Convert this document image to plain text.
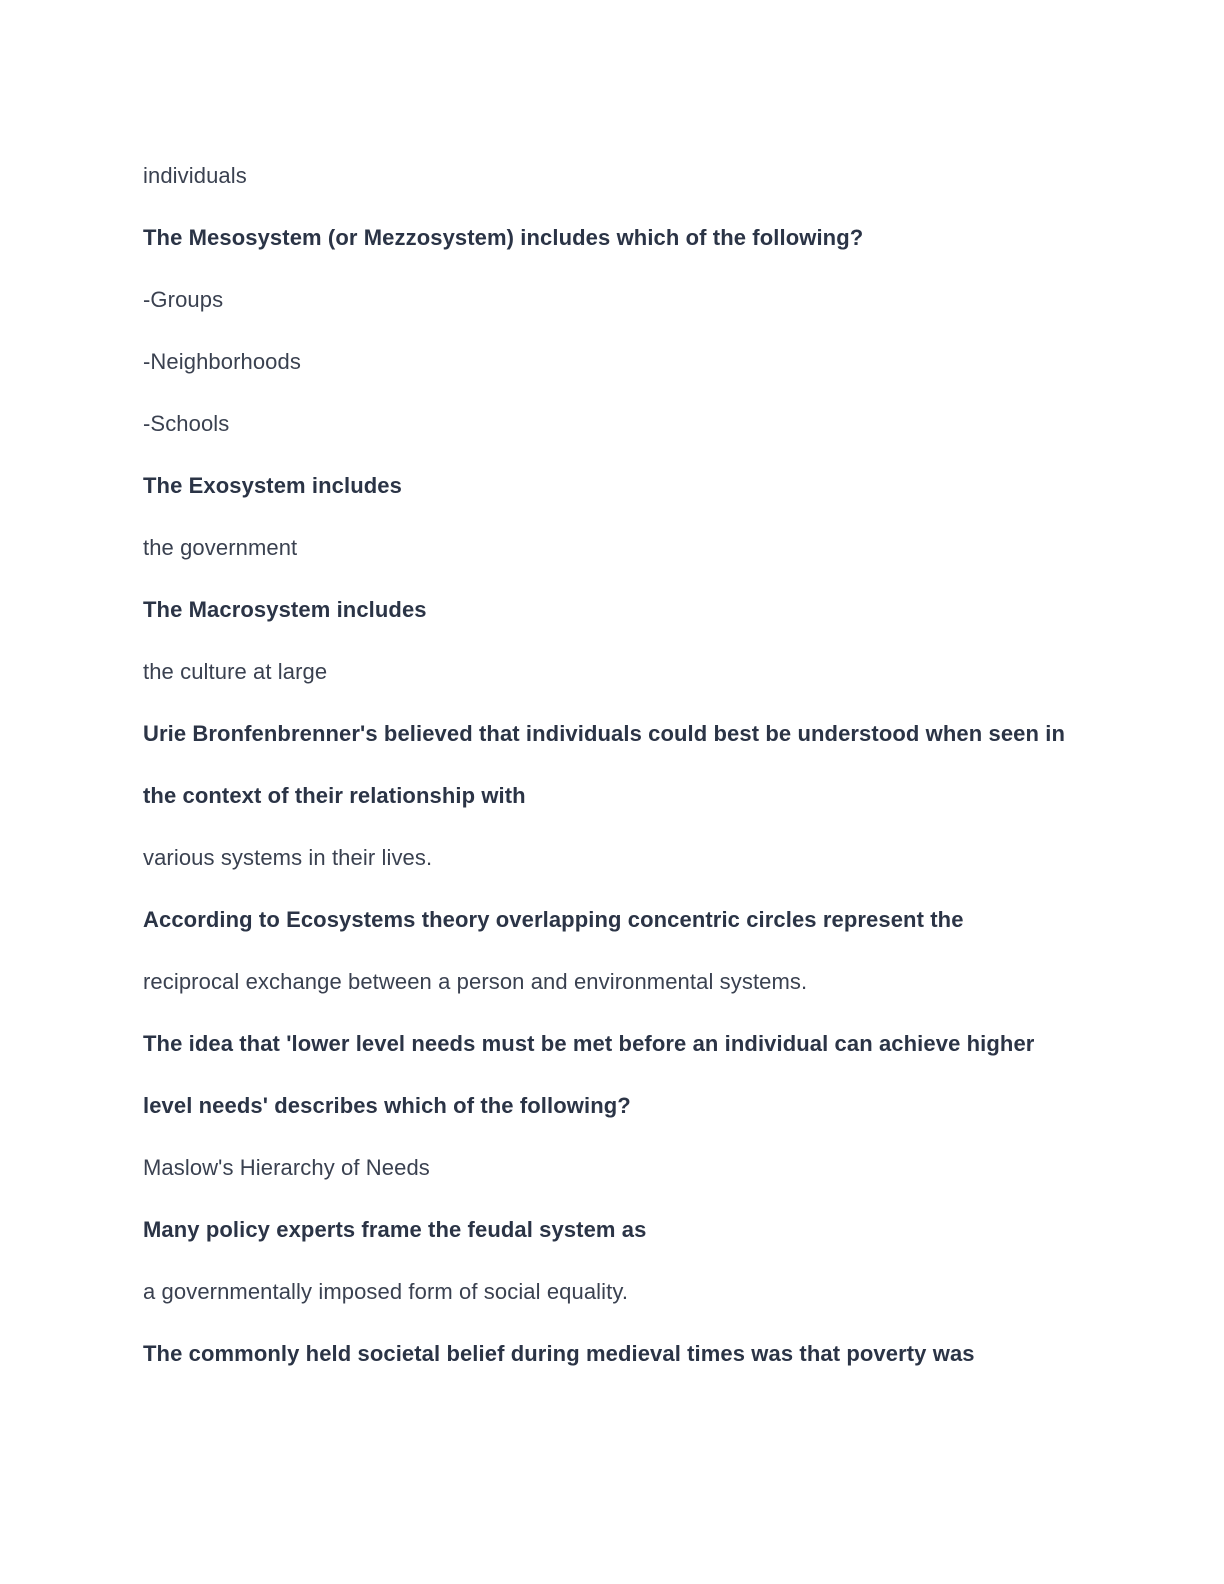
individuals
The Mesosystem (or Mezzosystem) includes which of the following?
-Groups
-Neighborhoods
-Schools
The Exosystem includes
the government
The Macrosystem includes
the culture at large
Urie Bronfenbrenner's believed that individuals could best be understood when seen in
the context of their relationship with
various systems in their lives.
According to Ecosystems theory overlapping concentric circles represent the
reciprocal exchange between a person and environmental systems.
The idea that 'lower level needs must be met before an individual can achieve higher
level needs' describes which of the following?
Maslow's Hierarchy of Needs
Many policy experts frame the feudal system as
a governmentally imposed form of social equality.
The commonly held societal belief during medieval times was that poverty was
